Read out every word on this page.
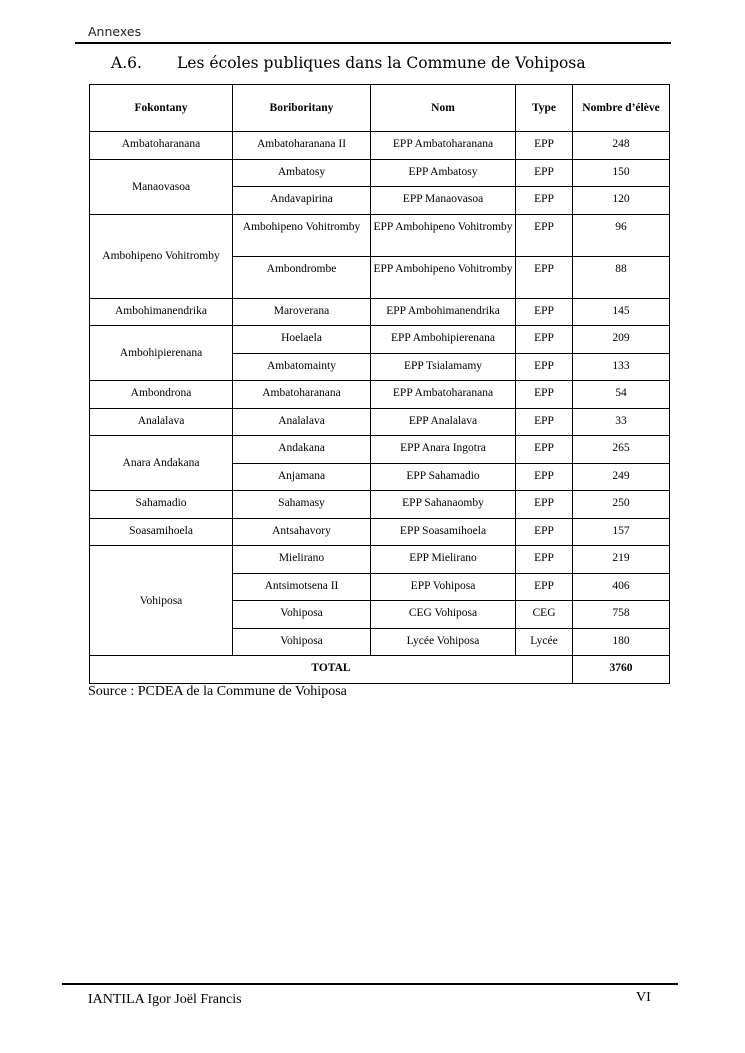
Annexes
A.6. Les écoles publiques dans la Commune de Vohiposa
Fokontany	Boriboritany	Nom	Type	Nombre d’élève
Ambatoharanana	Ambatoharanana II	EPP Ambatoharanana	EPP	248
Manaovasoa	Ambatosy	EPP Ambatosy	EPP	150
	Andavapirina	EPP Manaovasoa	EPP	120
Ambohipeno Vohitromby	Ambohipeno Vohitromby	EPP Ambohipeno Vohitromby	EPP	96
	Ambondrombe	EPP Ambohipeno Vohitromby	EPP	88
Ambohimanendrika	Maroverana	EPP Ambohimanendrika	EPP	145
Ambohipierenana	Hoelaela	EPP Ambohipierenana	EPP	209
	Ambatomainty	EPP Tsialamamy	EPP	133
Ambondrona	Ambatoharanana	EPP Ambatoharanana	EPP	54
Analalava	Analalava	EPP Analalava	EPP	33
Anara Andakana	Andakana	EPP Anara Ingotra	EPP	265
	Anjamana	EPP Sahamadio	EPP	249
Sahamadio	Sahamasy	EPP Sahanaomby	EPP	250
Soasamihoela	Antsahavory	EPP Soasamihoela	EPP	157
Vohiposa	Mielirano	EPP Mielirano	EPP	219
	Antsimotsena II	EPP Vohiposa	EPP	406
	Vohiposa	CEG Vohiposa	CEG	758
	Vohiposa	Lycée Vohiposa	Lycée	180
TOTAL				3760
Source : PCDEA de la Commune de Vohiposa
IANTILA Igor Joël Francis	VI
